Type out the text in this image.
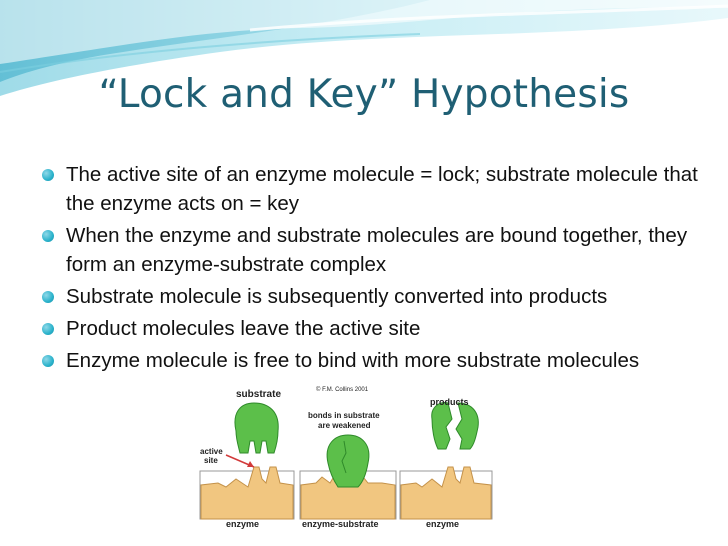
“Lock and Key” Hypothesis
The active site of an enzyme molecule = lock; substrate molecule that the enzyme acts on = key
When the enzyme and substrate molecules are bound together, they form an enzyme-substrate complex
Substrate molecule is subsequently converted into products
Product molecules leave the active site
Enzyme molecule is free to bind with more substrate molecules
substrate	© F.M. Collins 2001
bonds in substrate
are weakened
products
active
site
enzyme	enzyme-substrate	enzyme
